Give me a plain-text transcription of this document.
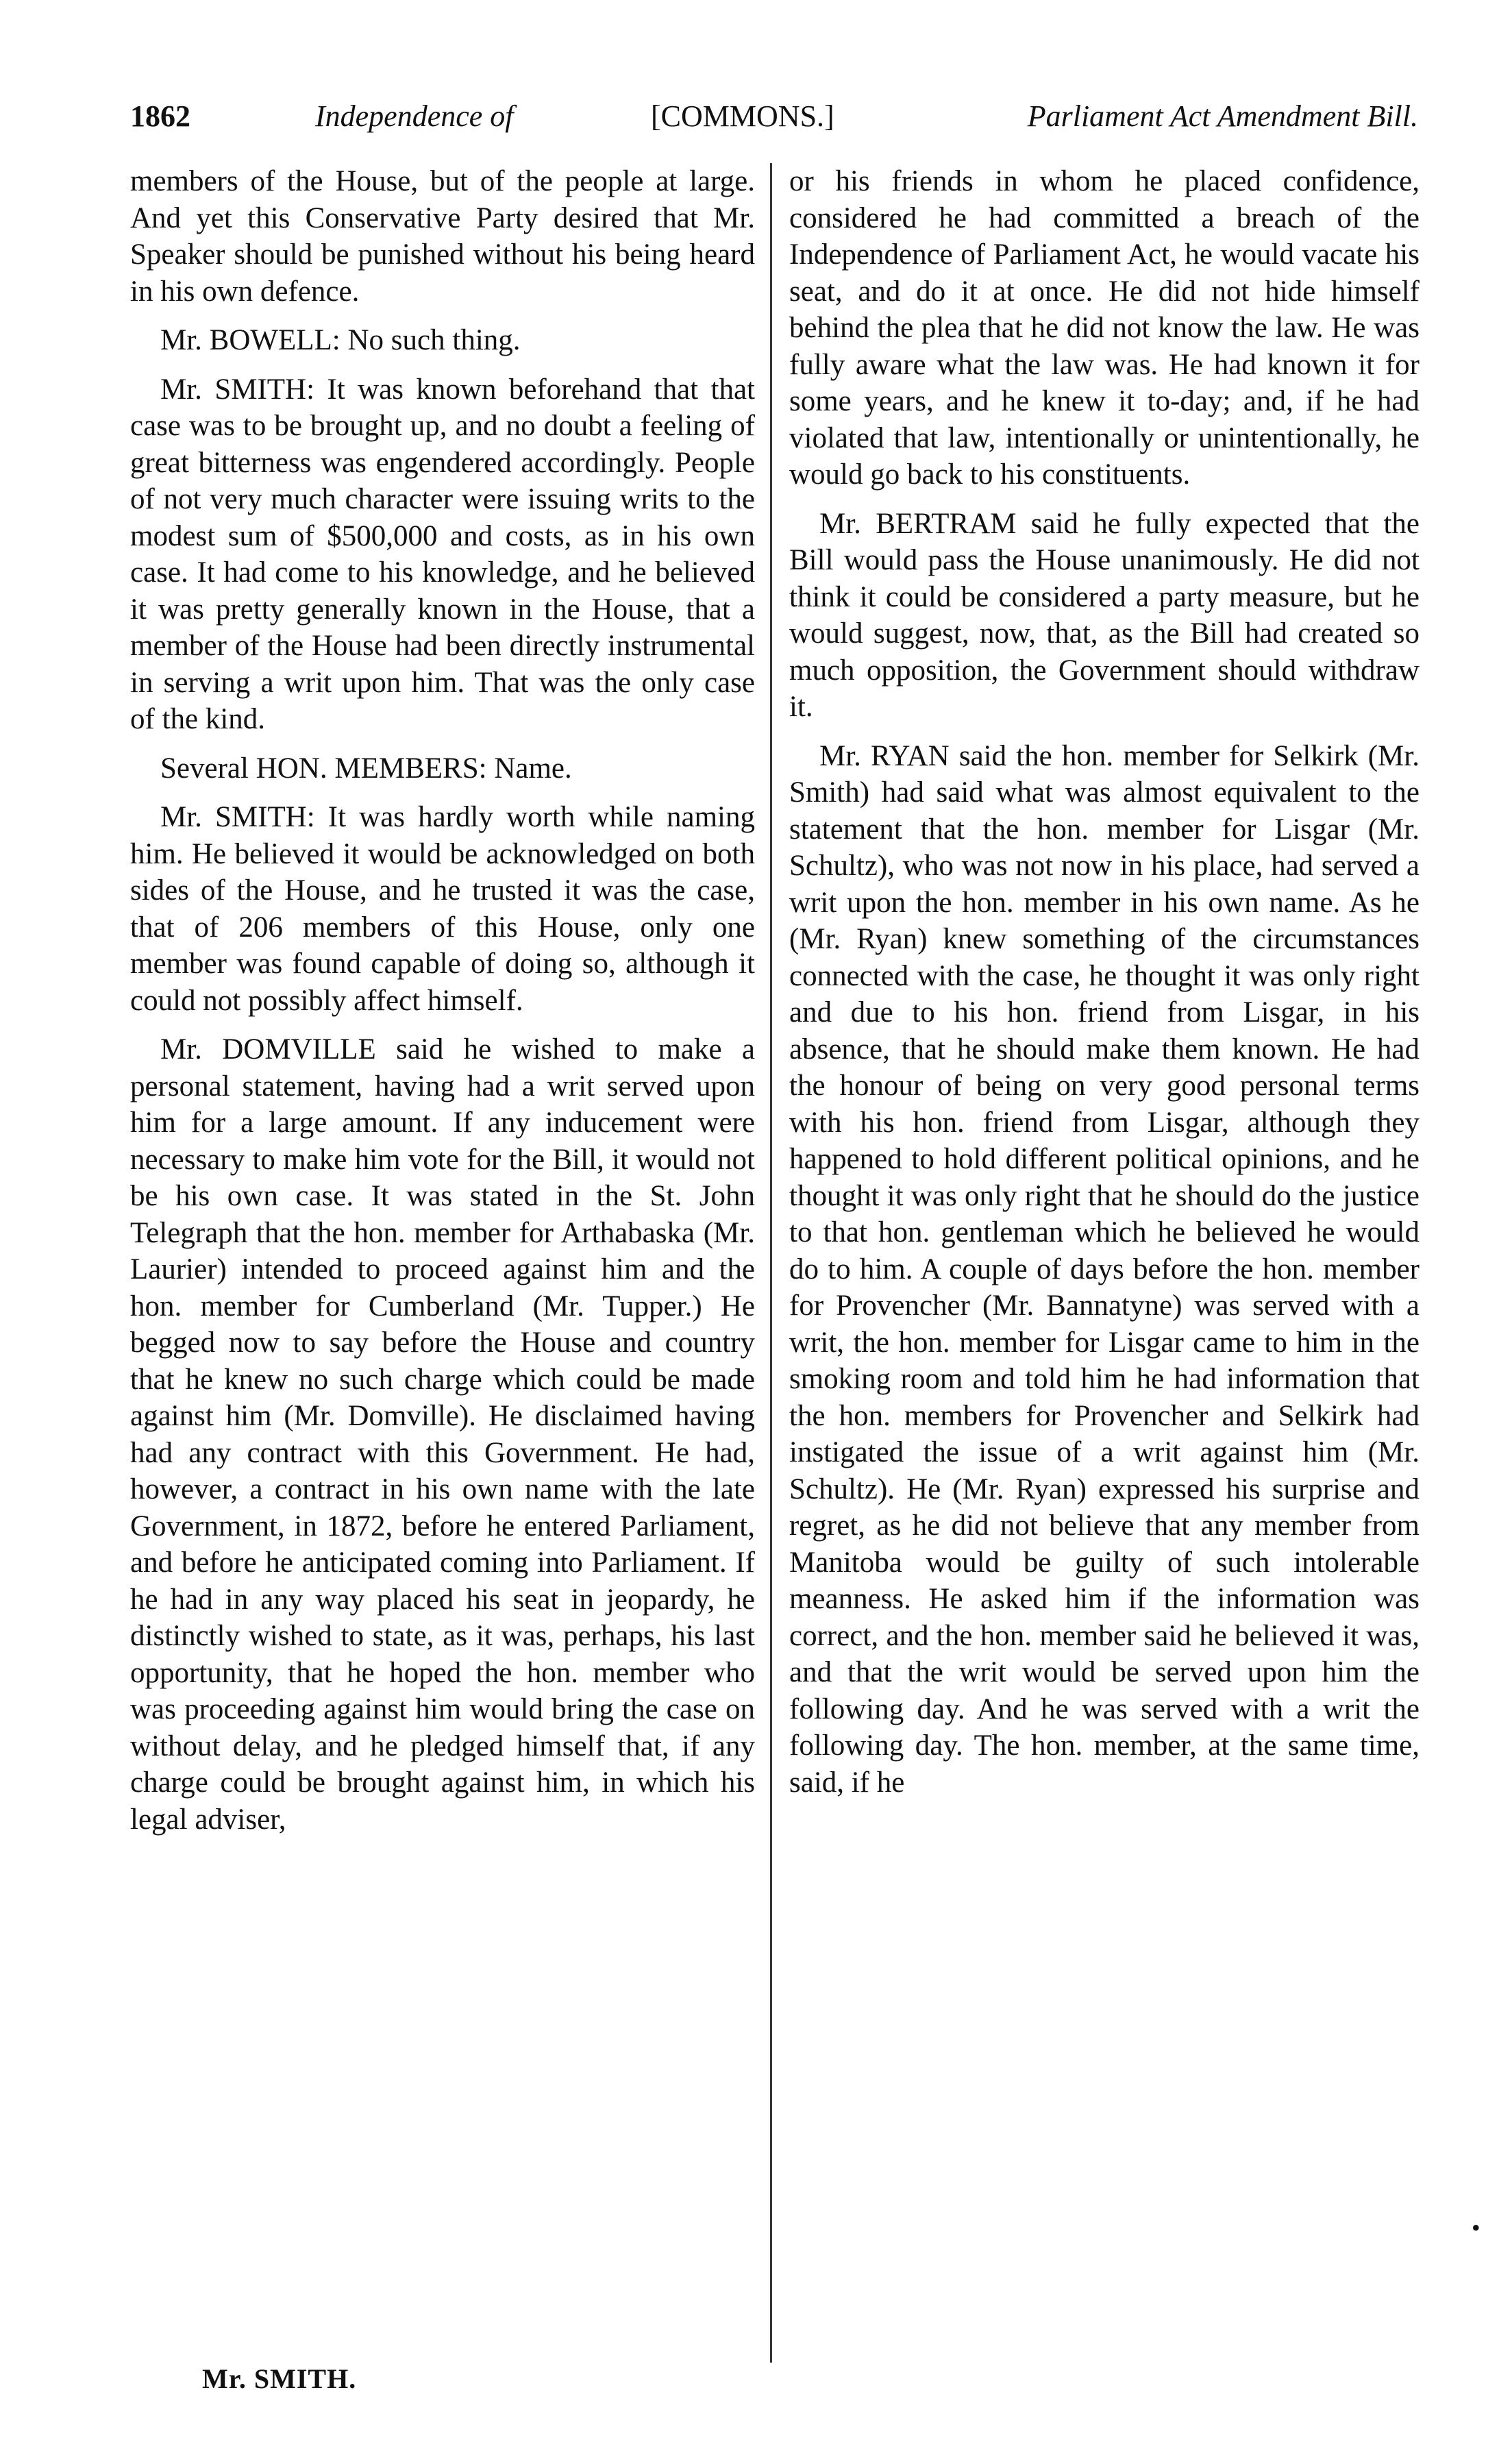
1862	Independence of	[COMMONS.]	Parliament Act Amendment Bill.

members of the House, but of the people at large. And yet this Conservative Party desired that Mr. Speaker should be punished without his being heard in his own defence.

Mr. BOWELL: No such thing.

Mr. SMITH: It was known beforehand that that case was to be brought up, and no doubt a feeling of great bitterness was engendered accordingly. People of not very much character were issuing writs to the modest sum of $500,000 and costs, as in his own case. It had come to his knowledge, and he believed it was pretty generally known in the House, that a member of the House had been directly instrumental in serving a writ upon him. That was the only case of the kind.

Several HON. MEMBERS: Name.

Mr. SMITH: It was hardly worth while naming him. He believed it would be acknowledged on both sides of the House, and he trusted it was the case, that of 206 members of this House, only one member was found capable of doing so, although it could not possibly affect himself.

Mr. DOMVILLE said he wished to make a personal statement, having had a writ served upon him for a large amount. If any inducement were necessary to make him vote for the Bill, it would not be his own case. It was stated in the St. John Telegraph that the hon. member for Arthabaska (Mr. Laurier) intended to proceed against him and the hon. member for Cumberland (Mr. Tupper.) He begged now to say before the House and country that he knew no such charge which could be made against him (Mr. Domville). He disclaimed having had any contract with this Government. He had, however, a contract in his own name with the late Government, in 1872, before he entered Parliament, and before he anticipated coming into Parliament. If he had in any way placed his seat in jeopardy, he distinctly wished to state, as it was, perhaps, his last opportunity, that he hoped the hon. member who was proceeding against him would bring the case on without delay, and he pledged himself that, if any charge could be brought against him, in which his legal adviser,

or his friends in whom he placed confidence, considered he had committed a breach of the Independence of Parliament Act, he would vacate his seat, and do it at once. He did not hide himself behind the plea that he did not know the law. He was fully aware what the law was. He had known it for some years, and he knew it to-day; and, if he had violated that law, intentionally or unintentionally, he would go back to his constituents.

Mr. BERTRAM said he fully expected that the Bill would pass the House unanimously. He did not think it could be considered a party measure, but he would suggest, now, that, as the Bill had created so much opposition, the Government should withdraw it.

Mr. RYAN said the hon. member for Selkirk (Mr. Smith) had said what was almost equivalent to the statement that the hon. member for Lisgar (Mr. Schultz), who was not now in his place, had served a writ upon the hon. member in his own name. As he (Mr. Ryan) knew something of the circumstances connected with the case, he thought it was only right and due to his hon. friend from Lisgar, in his absence, that he should make them known. He had the honour of being on very good personal terms with his hon. friend from Lisgar, although they happened to hold different political opinions, and he thought it was only right that he should do the justice to that hon. gentleman which he believed he would do to him. A couple of days before the hon. member for Provencher (Mr. Bannatyne) was served with a writ, the hon. member for Lisgar came to him in the smoking room and told him he had information that the hon. members for Provencher and Selkirk had instigated the issue of a writ against him (Mr. Schultz). He (Mr. Ryan) expressed his surprise and regret, as he did not believe that any member from Manitoba would be guilty of such intolerable meanness. He asked him if the information was correct, and the hon. member said he believed it was, and that the writ would be served upon him the following day. And he was served with a writ the following day. The hon. member, at the same time, said, if he

Mr. SMITH.
•
